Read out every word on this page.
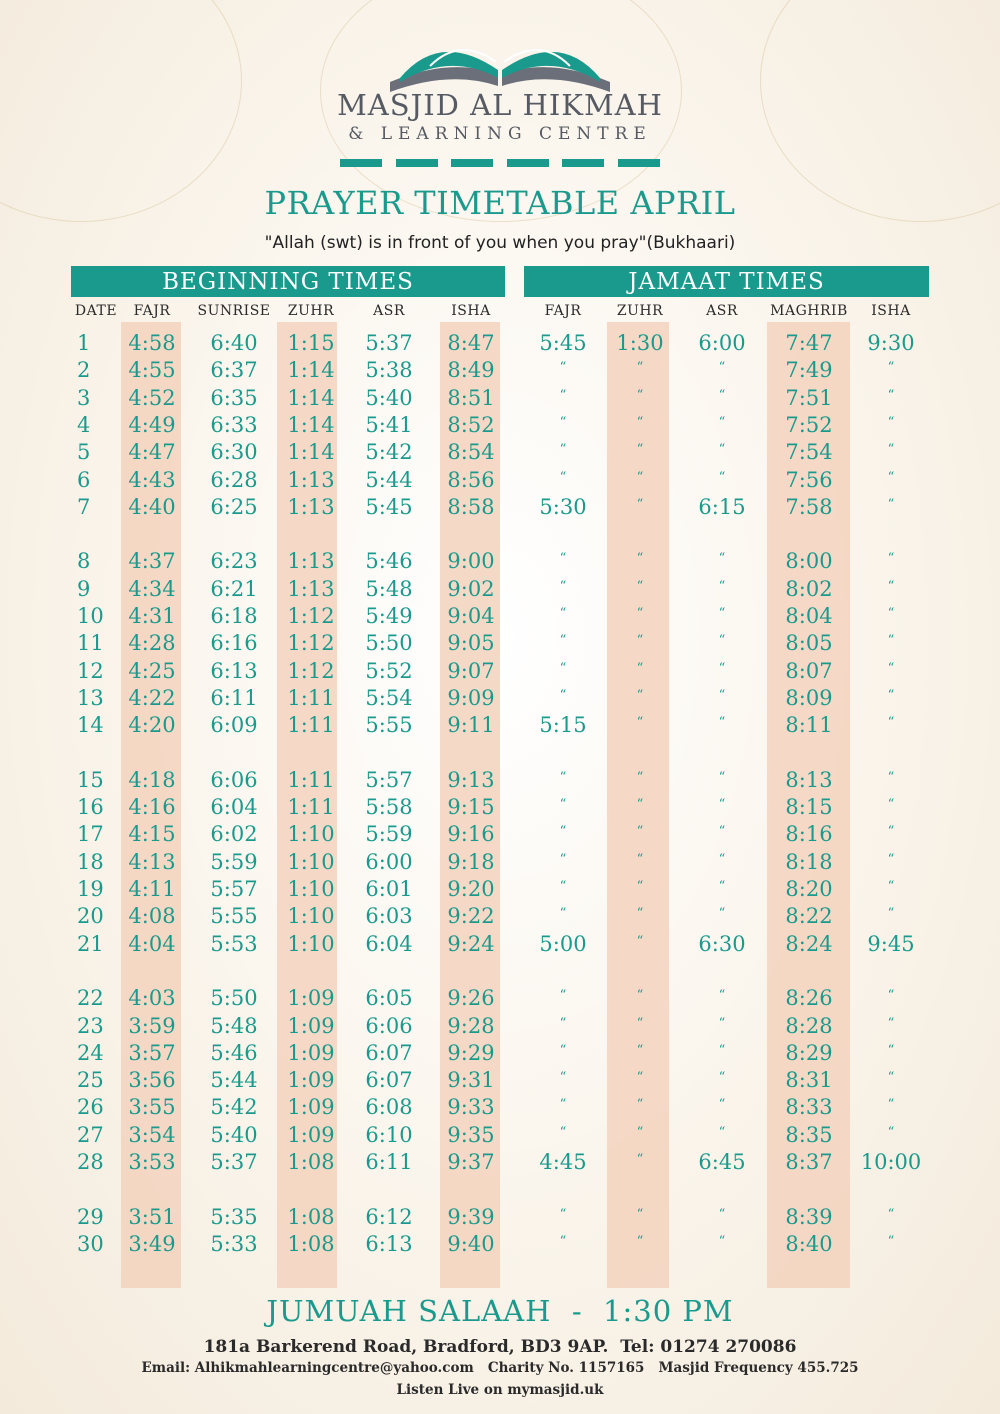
MASJID AL HIKMAH
& LEARNING CENTRE
PRAYER TIMETABLE APRIL
"Allah (swt) is in front of you when you pray"(Bukhaari)
BEGINNING TIMES	JAMAAT TIMES
DATE FAJR SUNRISE ZUHR	ASR	ISHA	FAJR	ZUHR	ASR MAGHRIB ISHA
1 4:58 6:40 1:15 5:37 8:47 5:45 1:30 6:00 7:47 9:30
2 4:55 6:37 1:14 5:38 8:49	“	“	“	7:49	“
3 4:52 6:35 1:14 5:40 8:51	“	“	“	7:51	“
4 4:49 6:33 1:14 5:41 8:52	“	“	“	7:52	“
5 4:47 6:30 1:14 5:42 8:54	“	“	“	7:54	“
6 4:43 6:28 1:13 5:44 8:56	“	“	“	7:56	“
7 4:40 6:25 1:13 5:45 8:58 5:30	“	6:15 7:58	“
8 4:37 6:23 1:13 5:46 9:00	“	“	“	8:00	“
9 4:34 6:21 1:13 5:48 9:02	“	“	“	8:02	“
10 4:31 6:18 1:12 5:49 9:04	“	“	“	8:04	“
11 4:28 6:16 1:12 5:50 9:05	“	“	“	8:05	“
12 4:25 6:13 1:12 5:52 9:07	“	“	“	8:07	“
13 4:22 6:11 1:11 5:54 9:09	“	“	“	8:09	“
14 4:20 6:09 1:11 5:55 9:11 5:15	“	“	8:11	“
15 4:18 6:06 1:11 5:57 9:13	“	“	“	8:13	“
16 4:16 6:04 1:11 5:58 9:15	“	“	“	8:15	“
17 4:15 6:02 1:10 5:59 9:16	“	“	“	8:16	“
18 4:13 5:59 1:10 6:00 9:18	“	“	“	8:18	“
19 4:11 5:57 1:10 6:01 9:20	“	“	“	8:20	“
20 4:08 5:55 1:10 6:03 9:22	“	“	“	8:22	“
21 4:04 5:53 1:10 6:04 9:24 5:00	“	6:30 8:24 9:45
22 4:03 5:50 1:09 6:05 9:26	“	“	“	8:26	“
23 3:59 5:48 1:09 6:06 9:28	“	“	“	8:28	“
24 3:57 5:46 1:09 6:07 9:29	“	“	“	8:29	“
25 3:56 5:44 1:09 6:07 9:31	“	“	“	8:31	“
26 3:55 5:42 1:09 6:08 9:33	“	“	“	8:33	“
27 3:54 5:40 1:09 6:10 9:35	“	“	“	8:35	“
28 3:53 5:37 1:08 6:11 9:37 4:45	“	6:45 8:37 10:00
29 3:51 5:35 1:08 6:12 9:39	“	“	“	8:39	“
30 3:49 5:33 1:08 6:13 9:40	“	“	“	8:40	“
JUMUAH SALAAH  -  1:30 PM
181a Barkerend Road, Bradford, BD3 9AP.  Tel: 01274 270086
Email: Alhikmahlearningcentre@yahoo.com   Charity No. 1157165   Masjid Frequency 455.725
Listen Live on mymasjid.uk
